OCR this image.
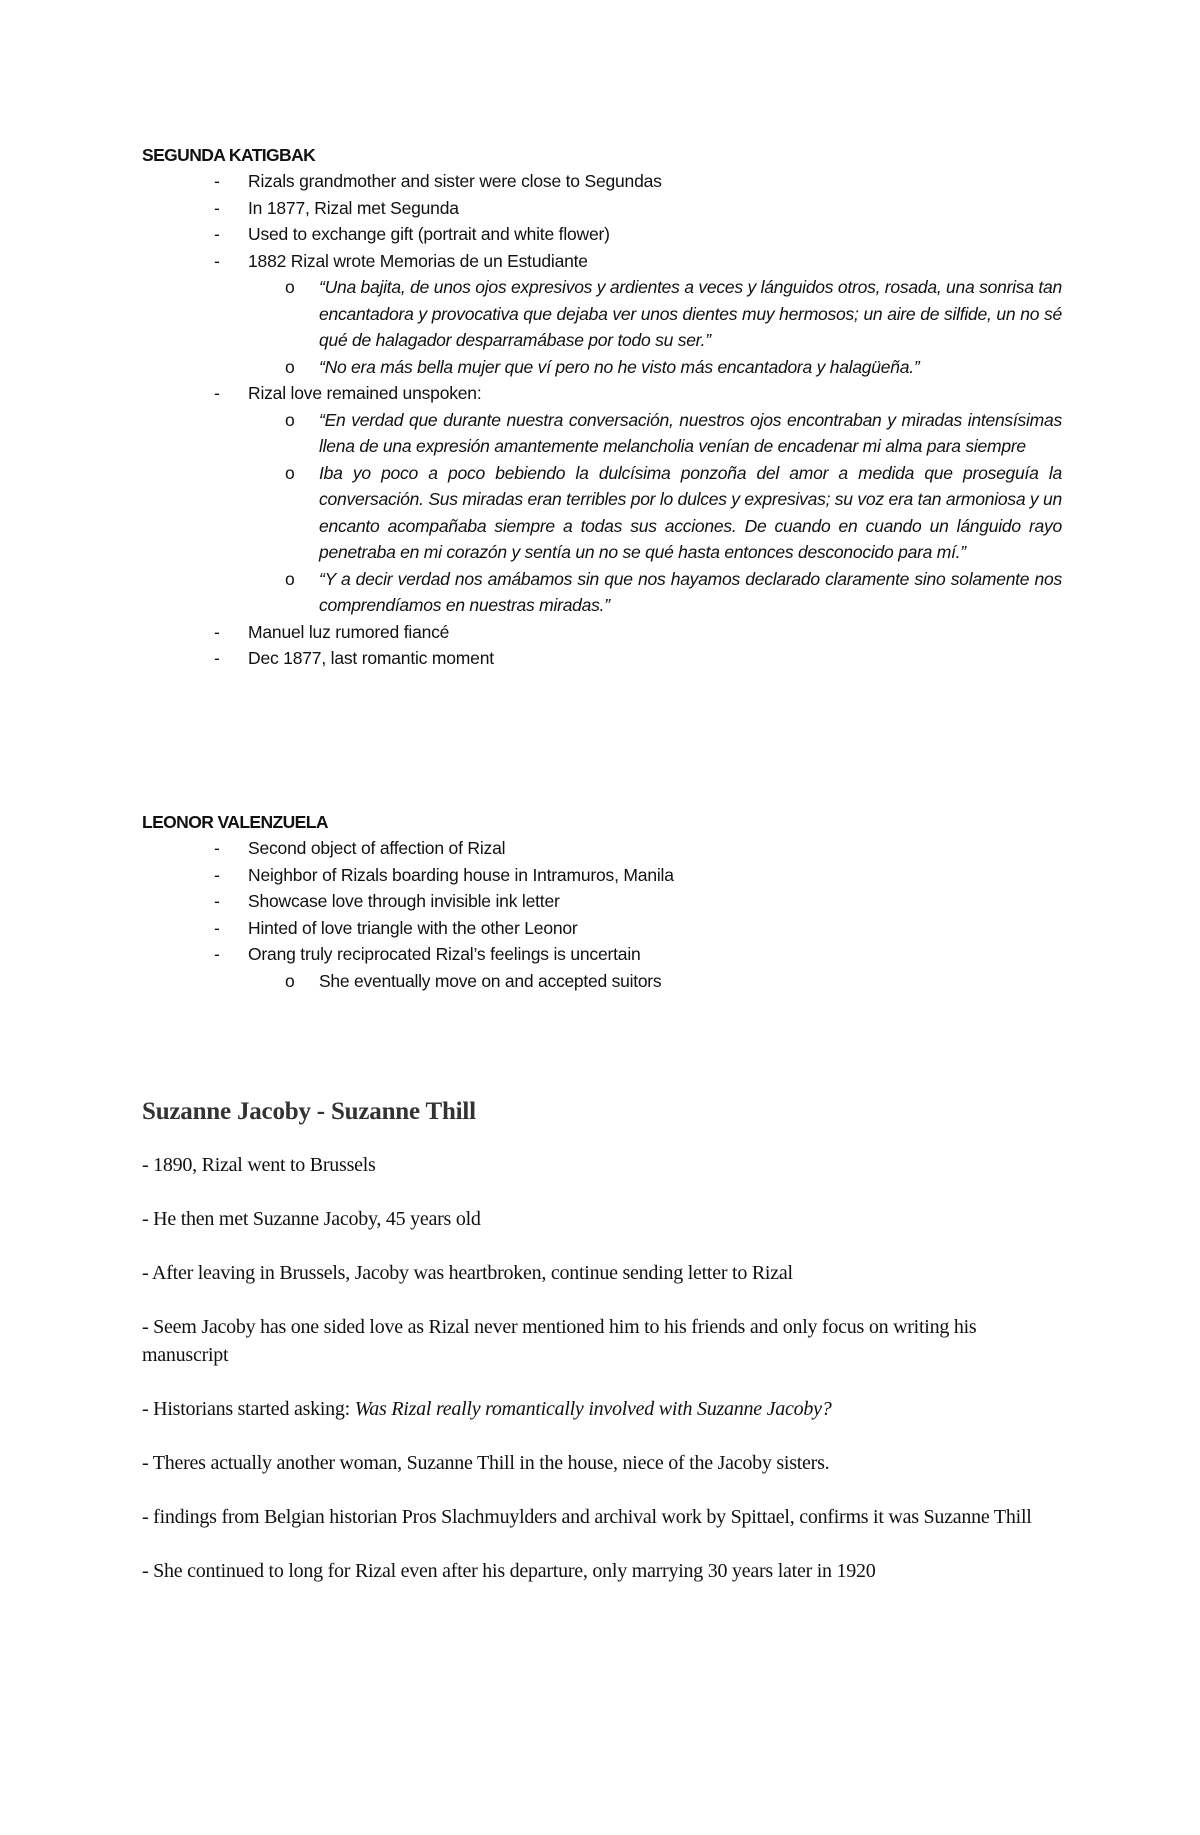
SEGUNDA KATIGBAK
- Rizals grandmother and sister were close to Segundas
- In 1877, Rizal met Segunda
- Used to exchange gift (portrait and white flower)
- 1882 Rizal wrote Memorias de un Estudiante
o “Una bajita, de unos ojos expresivos y ardientes a veces y lánguidos otros, rosada, una sonrisa tan encantadora y provocativa que dejaba ver unos dientes muy hermosos; un aire de silfide, un no sé qué de halagador desparramábase por todo su ser.”
o “No era más bella mujer que ví pero no he visto más encantadora y halagüeña.”
- Rizal love remained unspoken:
o “En verdad que durante nuestra conversación, nuestros ojos encontraban y miradas intensísimas llena de una expresión amantemente melancholia venían de encadenar mi alma para siempre
o Iba yo poco a poco bebiendo la dulcísima ponzoña del amor a medida que proseguía la conversación. Sus miradas eran terribles por lo dulces y expresivas; su voz era tan armoniosa y un encanto acompañaba siempre a todas sus acciones. De cuando en cuando un lánguido rayo penetraba en mi corazón y sentía un no se qué hasta entonces desconocido para mí.”
o “Y a decir verdad nos amábamos sin que nos hayamos declarado claramente sino solamente nos comprendíamos en nuestras miradas.”
- Manuel luz rumored fiancé
- Dec 1877, last romantic moment
LEONOR VALENZUELA
- Second object of affection of Rizal
- Neighbor of Rizals boarding house in Intramuros, Manila
- Showcase love through invisible ink letter
- Hinted of love triangle with the other Leonor
- Orang truly reciprocated Rizal’s feelings is uncertain
o She eventually move on and accepted suitors
Suzanne Jacoby - Suzanne Thill

- 1890, Rizal went to Brussels

- He then met Suzanne Jacoby, 45 years old

- After leaving in Brussels, Jacoby was heartbroken, continue sending letter to Rizal

- Seem Jacoby has one sided love as Rizal never mentioned him to his friends and only focus on writing his manuscript

- Historians started asking: Was Rizal really romantically involved with Suzanne Jacoby?

- Theres actually another woman, Suzanne Thill in the house, niece of the Jacoby sisters.

- findings from Belgian historian Pros Slachmuylders and archival work by Spittael, confirms it was Suzanne Thill

- She continued to long for Rizal even after his departure, only marrying 30 years later in 1920
